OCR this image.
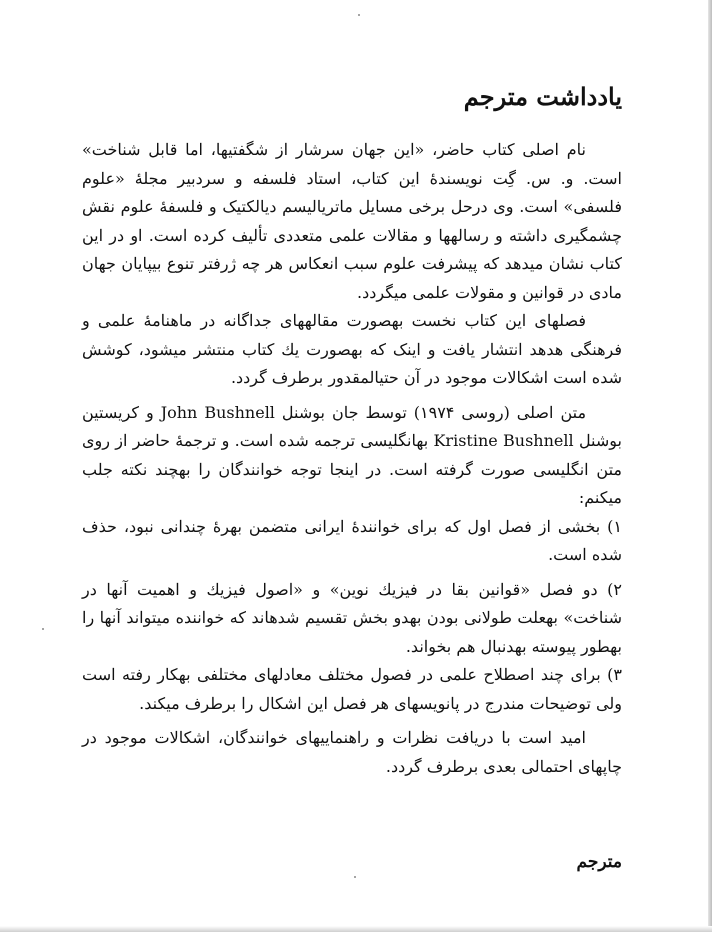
یادداشت مترجم

نام اصلی کتاب حاضر، «این جهان سرشار از شگفتیها، اما قابل شناخت» است. و. س. گِت نویسندهٔ این کتاب، استاد فلسفه و سردبیر مجلهٔ «علوم فلسفی» است. وی درحل برخی مسایل ماتریالیسم دیالکتیک و فلسفهٔ علوم نقش چشمگیری داشته و رسالهها و مقالات علمی متعددی تألیف کرده است. او در این کتاب نشان میدهد که پیشرفت علوم سبب انعکاس هر چه ژرفتر تنوع بیپایان جهان مادی در قوانین و مقولات علمی میگردد.

فصلهای این کتاب نخست بهصورت مقالههای جداگانه در ماهنامهٔ علمی و فرهنگی هدهد انتشار یافت و اینک که بهصورت یك کتاب منتشر میشود، کوشش شده است اشکالات موجود در آن حتیالمقدور برطرف گردد.

متن اصلی (روسی ۱۹۷۴) توسط جان بوشنل John Bushnell و کریستین بوشنل Kristine Bushnell بهانگلیسی ترجمه شده است. و ترجمهٔ حاضر از روی متن انگلیسی صورت گرفته است. در اینجا توجه خوانندگان را بهچند نکته جلب میکنم:

۱) بخشی از فصل اول که برای خوانندهٔ ایرانی متضمن بهرهٔ چندانی نبود، حذف شده است.

۲) دو فصل «قوانین بقا در فیزیك نوین» و «اصول فیزیك و اهمیت آنها در شناخت» بهعلت طولانی بودن بهدو بخش تقسیم شدهاند که خواننده میتواند آنها را بهطور پیوسته بهدنبال هم بخواند.

۳) برای چند اصطلاح علمی در فصول مختلف معادلهای مختلفی بهکار رفته است ولی توضیحات مندرج در پانویسهای هر فصل این اشکال را برطرف میکند.

امید است با دریافت نظرات و راهنماییهای خوانندگان، اشکالات موجود در چاپهای احتمالی بعدی برطرف گردد.

مترجم
